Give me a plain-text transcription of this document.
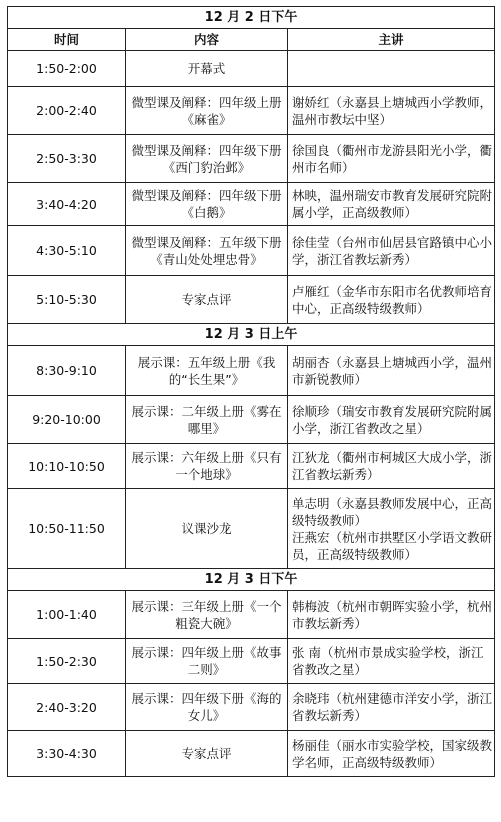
12 月 2 日下午		
时间	内容	主讲
1:50-2:00	开幕式	

2:00-2:40	微型课及阐释：四年级上册《麻雀》	谢娇红（永嘉县上塘城西小学教师，温州市教坛中坚）

2:50-3:30	微型课及阐释：四年级下册《西门豹治邺》	徐国良（衢州市龙游县阳光小学，衢州市名师）

3:40-4:20	微型课及阐释：四年级下册《白鹅》	林映，温州瑞安市教育发展研究院附属小学，正高级教师）

4:30-5:10	微型课及阐释：五年级下册《青山处处埋忠骨》	徐佳莹（台州市仙居县官路镇中心小学，浙江省教坛新秀）

5:10-5:30	专家点评	卢雁红（金华市东阳市名优教师培育中心，正高级特级教师）

12 月 3 日上午		
8:30-9:10	展示课：五年级上册《我的“长生果”》	胡丽杏（永嘉县上塘城西小学，温州市新锐教师）

9:20-10:00	展示课：二年级上册《雾在哪里》	徐顺珍（瑞安市教育发展研究院附属小学，浙江省教改之星）

10:10-10:50	展示课：六年级上册《只有一个地球》	江狄龙（衢州市柯城区大成小学，浙江省教坛新秀）

10:50-11:50	议课沙龙	单志明（永嘉县教师发展中心，正高级特级教师）
汪燕宏（杭州市拱墅区小学语文教研员，正高级特级教师）

12 月 3 日下午		
1:00-1:40	展示课：三年级上册《一个粗瓷大碗》	韩梅波（杭州市朝晖实验小学，杭州市教坛新秀）

1:50-2:30	展示课：四年级上册《故事二则》	张 南（杭州市景成实验学校，浙江省教改之星）

2:40-3:20	展示课：四年级下册《海的女儿》	余晓玮（杭州建德市洋安小学，浙江省教坛新秀）

3:30-4:30	专家点评	杨丽佳（丽水市实验学校，国家级教学名师，正高级特级教师）
